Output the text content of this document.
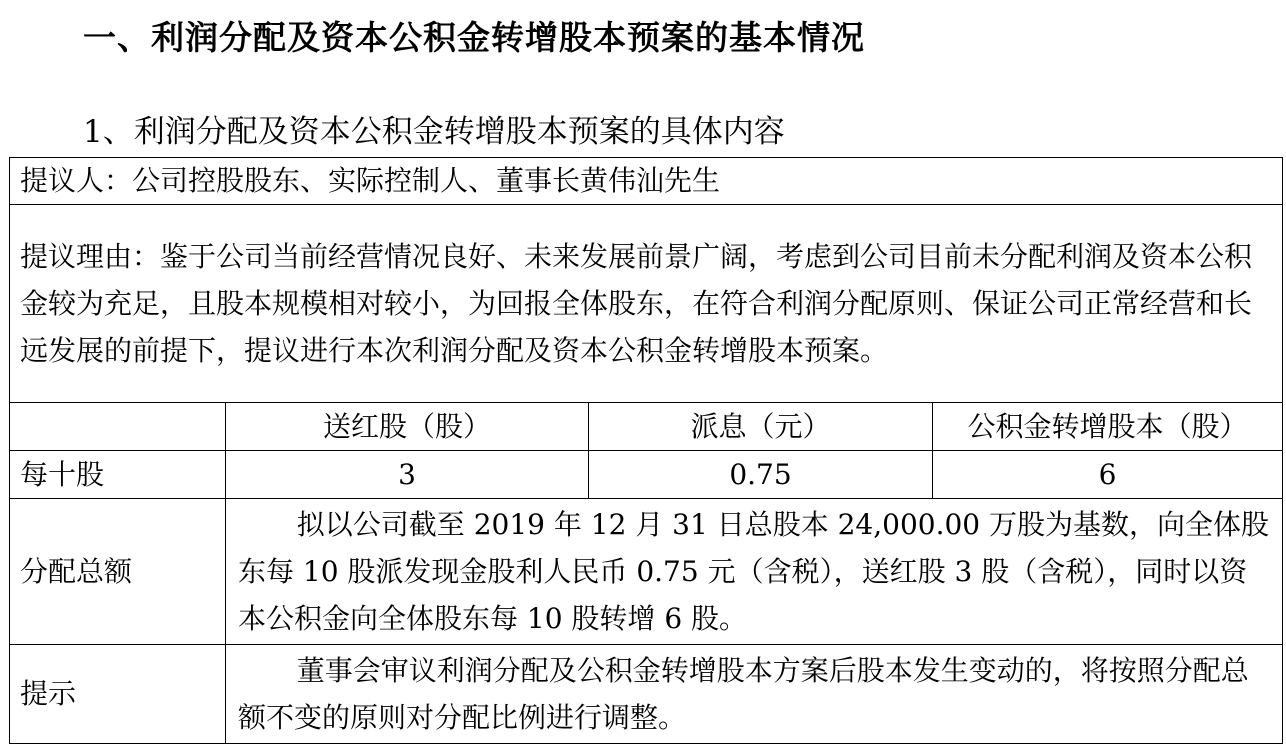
一、利润分配及资本公积金转增股本预案的基本情况
1、利润分配及资本公积金转增股本预案的具体内容
提议人：公司控股股东、实际控制人、董事长黄伟汕先生			
提议理由：鉴于公司当前经营情况良好、未来发展前景广阔，考虑到公司目前未分配利润及资本公积金较为充足，且股本规模相对较小，为回报全体股东，在符合利润分配原则、保证公司正常经营和长远发展的前提下，提议进行本次利润分配及资本公积金转增股本预案。			
	送红股（股）	派息（元）	公积金转增股本（股）
每十股	3	0.75	6
分配总额	拟以公司截至 2019 年 12 月 31 日总股本 24,000.00 万股为基数，向全体股东每 10 股派发现金股利人民币 0.75 元（含税），送红股 3 股（含税），同时以资本公积金向全体股东每 10 股转增 6 股。		
提示	董事会审议利润分配及公积金转增股本方案后股本发生变动的，将按照分配总额不变的原则对分配比例进行调整。		
